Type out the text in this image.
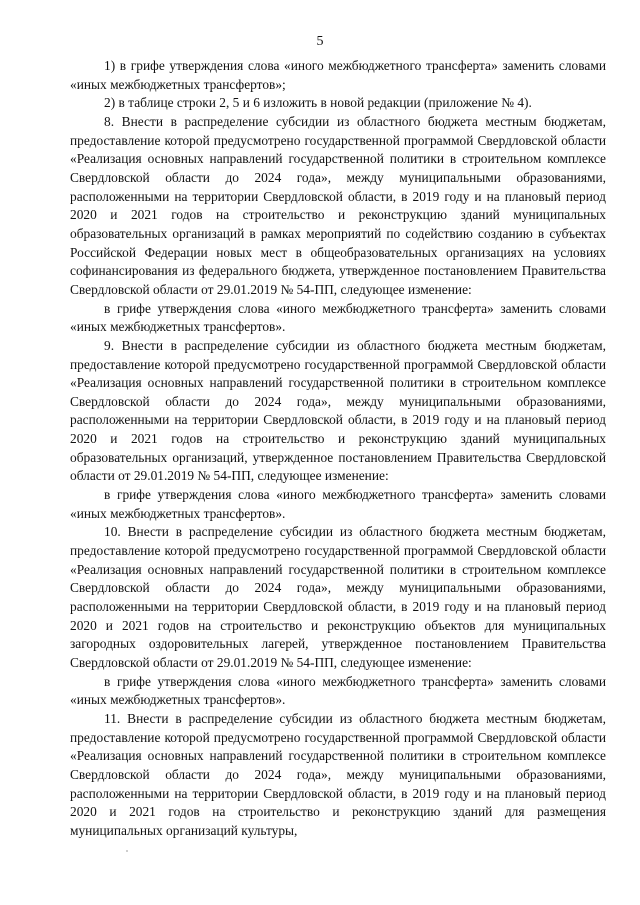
5

1) в грифе утверждения слова «иного межбюджетного трансферта» заменить словами «иных межбюджетных трансфертов»;

2) в таблице строки 2, 5 и 6 изложить в новой редакции (приложение № 4).

8. Внести в распределение субсидии из областного бюджета местным бюджетам, предоставление которой предусмотрено государственной программой Свердловской области «Реализация основных направлений государственной политики в строительном комплексе Свердловской области до 2024 года», между муниципальными образованиями, расположенными на территории Свердловской области, в 2019 году и на плановый период 2020 и 2021 годов на строительство и реконструкцию зданий муниципальных образовательных организаций в рамках мероприятий по содействию созданию в субъектах Российской Федерации новых мест в общеобразовательных организациях на условиях софинансирования из федерального бюджета, утвержденное постановлением Правительства Свердловской области от 29.01.2019 № 54-ПП, следующее изменение:

в грифе утверждения слова «иного межбюджетного трансферта» заменить словами «иных межбюджетных трансфертов».

9. Внести в распределение субсидии из областного бюджета местным бюджетам, предоставление которой предусмотрено государственной программой Свердловской области «Реализация основных направлений государственной политики в строительном комплексе Свердловской области до 2024 года», между муниципальными образованиями, расположенными на территории Свердловской области, в 2019 году и на плановый период 2020 и 2021 годов на строительство и реконструкцию зданий муниципальных образовательных организаций, утвержденное постановлением Правительства Свердловской области от 29.01.2019 № 54-ПП, следующее изменение:

в грифе утверждения слова «иного межбюджетного трансферта» заменить словами «иных межбюджетных трансфертов».

10. Внести в распределение субсидии из областного бюджета местным бюджетам, предоставление которой предусмотрено государственной программой Свердловской области «Реализация основных направлений государственной политики в строительном комплексе Свердловской области до 2024 года», между муниципальными образованиями, расположенными на территории Свердловской области, в 2019 году и на плановый период 2020 и 2021 годов на строительство и реконструкцию объектов для муниципальных загородных оздоровительных лагерей, утвержденное постановлением Правительства Свердловской области от 29.01.2019 № 54-ПП, следующее изменение:

в грифе утверждения слова «иного межбюджетного трансферта» заменить словами «иных межбюджетных трансфертов».

11. Внести в распределение субсидии из областного бюджета местным бюджетам, предоставление которой предусмотрено государственной программой Свердловской области «Реализация основных направлений государственной политики в строительном комплексе Свердловской области до 2024 года», между муниципальными образованиями, расположенными на территории Свердловской области, в 2019 году и на плановый период 2020 и 2021 годов на строительство и реконструкцию зданий для размещения муниципальных организаций культуры,
